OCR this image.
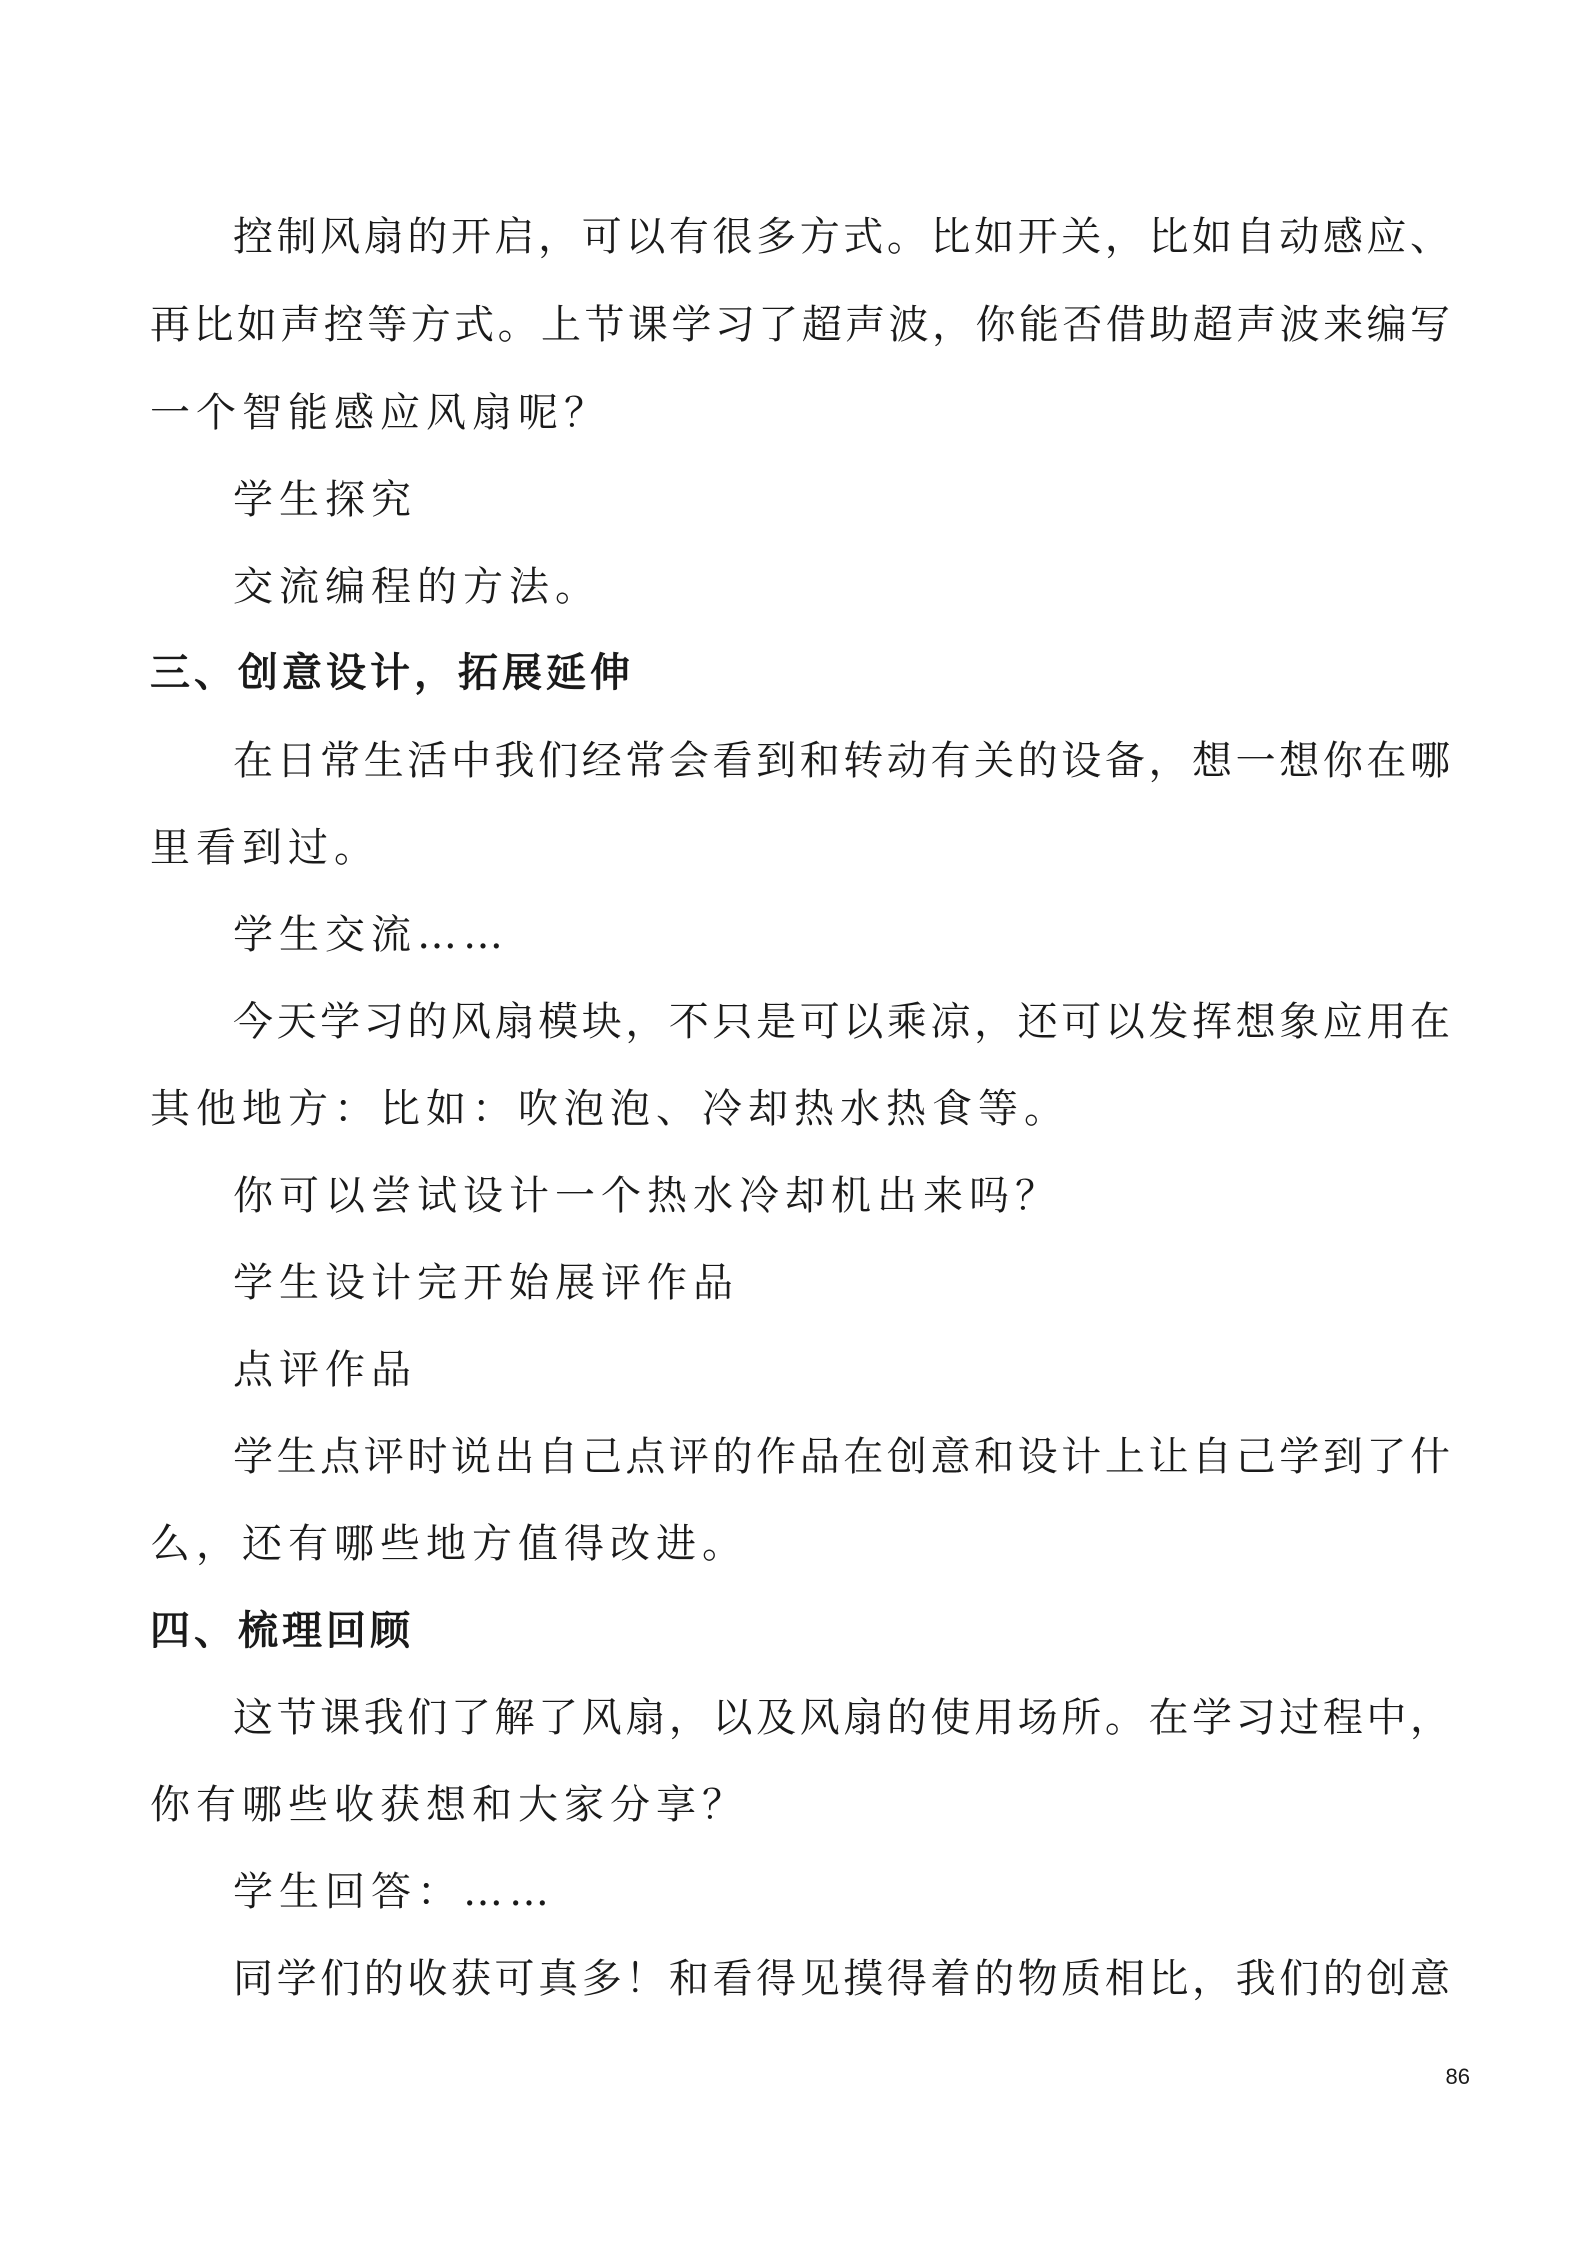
控制风扇的开启，可以有很多方式。比如开关，比如自动感应、
再比如声控等方式。上节课学习了超声波，你能否借助超声波来编写
一个智能感应风扇呢？
学生探究
交流编程的方法。
三、创意设计，拓展延伸
在日常生活中我们经常会看到和转动有关的设备，想一想你在哪
里看到过。
学生交流……
今天学习的风扇模块，不只是可以乘凉，还可以发挥想象应用在
其他地方：比如：吹泡泡、冷却热水热食等。
你可以尝试设计一个热水冷却机出来吗？
学生设计完开始展评作品
点评作品
学生点评时说出自己点评的作品在创意和设计上让自己学到了什
么，还有哪些地方值得改进。
四、梳理回顾
这节课我们了解了风扇，以及风扇的使用场所。在学习过程中，
你有哪些收获想和大家分享？
学生回答：……
同学们的收获可真多！和看得见摸得着的物质相比，我们的创意
86
